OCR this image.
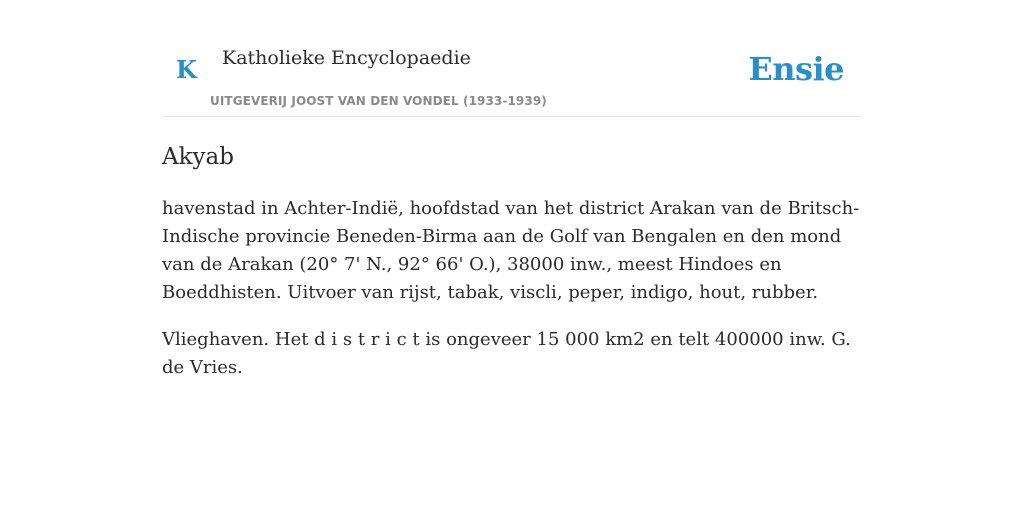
K Katholieke Encyclopaedie
UITGEVERIJ JOOST VAN DEN VONDEL (1933-1939)
Ensie
Akyab

havenstad in Achter-Indië, hoofdstad van het district Arakan van de Britsch-Indische provincie Beneden-Birma aan de Golf van Bengalen en den mond van de Arakan (20° 7' N., 92° 66' O.), 38000 inw., meest Hindoes en Boeddhisten. Uitvoer van rijst, tabak, viscli, peper, indigo, hout, rubber.

Vlieghaven. Het d i s t r i c t is ongeveer 15 000 km2 en telt 400000 inw. G. de Vries.
